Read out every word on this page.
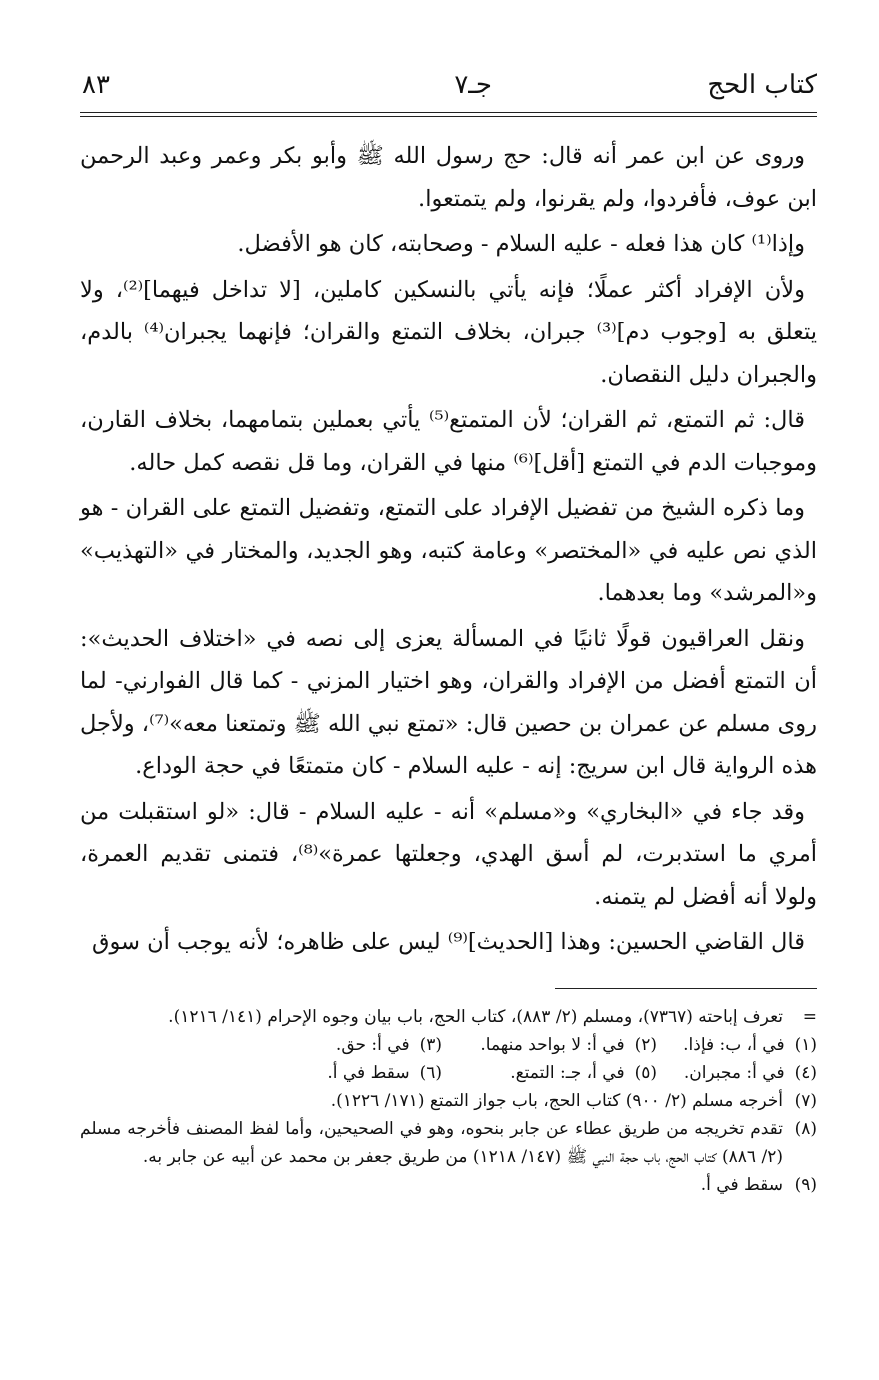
كتاب الحج
جـ٧
٨٣

وروى عن ابن عمر أنه قال: حج رسول الله ﷺ وأبو بكر وعمر وعبد الرحمن ابن عوف، فأفردوا، ولم يقرنوا، ولم يتمتعوا.

وإذا⁽¹⁾ كان هذا فعله - عليه السلام - وصحابته، كان هو الأفضل.

ولأن الإفراد أكثر عملًا؛ فإنه يأتي بالنسكين كاملين، [لا تداخل فيهما]⁽²⁾، ولا يتعلق به [وجوب دم]⁽³⁾ جبران، بخلاف التمتع والقران؛ فإنهما يجبران⁽⁴⁾ بالدم، والجبران دليل النقصان.

قال: ثم التمتع، ثم القران؛ لأن المتمتع⁽⁵⁾ يأتي بعملين بتمامهما، بخلاف القارن، وموجبات الدم في التمتع [أقل]⁽⁶⁾ منها في القران، وما قل نقصه كمل حاله.

وما ذكره الشيخ من تفضيل الإفراد على التمتع، وتفضيل التمتع على القران - هو الذي نص عليه في «المختصر» وعامة كتبه، وهو الجديد، والمختار في «التهذيب» و«المرشد» وما بعدهما.

ونقل العراقيون قولًا ثانيًا في المسألة يعزى إلى نصه في «اختلاف الحديث»: أن التمتع أفضل من الإفراد والقران، وهو اختيار المزني - كما قال الفوارني- لما روى مسلم عن عمران بن حصين قال: «تمتع نبي الله ﷺ وتمتعنا معه»⁽⁷⁾، ولأجل هذه الرواية قال ابن سريج: إنه - عليه السلام - كان متمتعًا في حجة الوداع.

وقد جاء في «البخاري» و«مسلم» أنه - عليه السلام - قال: «لو استقبلت من أمري ما استدبرت، لم أسق الهدي، وجعلتها عمرة»⁽⁸⁾، فتمنى تقديم العمرة، ولولا أنه أفضل لم يتمنه.

قال القاضي الحسين: وهذا [الحديث]⁽⁹⁾ ليس على ظاهره؛ لأنه يوجب أن سوق

=
تعرف إباحته (٧٣٦٧)، ومسلم (٢/ ٨٨٣)، كتاب الحج، باب بيان وجوه الإحرام (١٤١/ ١٢١٦).
(١)
في أ، ب: فإذا.
(٢)
في أ: لا بواحد منهما.
(٣)
في أ: حق.
(٤)
في أ: مجبران.
(٥)
في أ، جـ: التمتع.
(٦)
سقط في أ.
(٧)
أخرجه مسلم (٢/ ٩٠٠) كتاب الحج، باب جواز التمتع (١٧١/ ١٢٢٦).
(٨)
تقدم تخريجه من طريق عطاء عن جابر بنحوه، وهو في الصحيحين، وأما لفظ المصنف فأخرجه مسلم (٢/ ٨٨٦) كتاب الحج، باب حجة النبي ﷺ (١٤٧/ ١٢١٨) من طريق جعفر بن محمد عن أبيه عن جابر به.
(٩)
سقط في أ.
